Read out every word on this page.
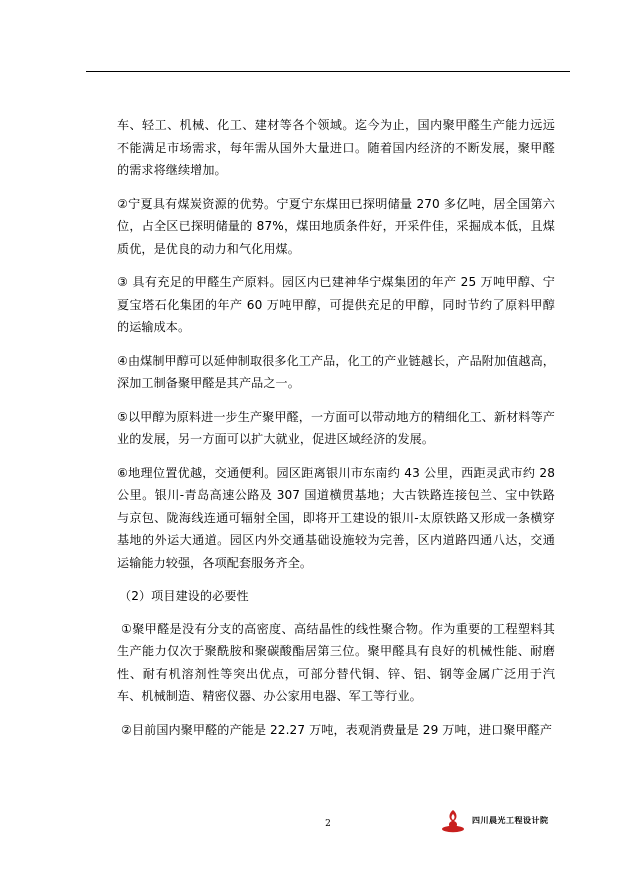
车、轻工、机械、化工、建材等各个领域。迄今为止，国内聚甲醛生产能力远远不能满足市场需求，每年需从国外大量进口。随着国内经济的不断发展，聚甲醛的需求将继续增加。

②宁夏具有煤炭资源的优势。宁夏宁东煤田已探明储量 270 多亿吨，居全国第六位，占全区已探明储量的 87%，煤田地质条件好，开采件佳，采掘成本低，且煤质优，是优良的动力和气化用煤。

③ 具有充足的甲醛生产原料。园区内已建神华宁煤集团的年产 25 万吨甲醇、宁夏宝塔石化集团的年产 60 万吨甲醇，可提供充足的甲醇，同时节约了原料甲醇的运输成本。

④由煤制甲醇可以延伸制取很多化工产品，化工的产业链越长，产品附加值越高，深加工制备聚甲醛是其产品之一。

⑤以甲醇为原料进一步生产聚甲醛，一方面可以带动地方的精细化工、新材料等产业的发展，另一方面可以扩大就业，促进区域经济的发展。

⑥地理位置优越，交通便利。园区距离银川市东南约 43 公里，西距灵武市约 28 公里。银川-青岛高速公路及 307 国道横贯基地；大古铁路连接包兰、宝中铁路与京包、陇海线连通可辐射全国，即将开工建设的银川-太原铁路又形成一条横穿基地的外运大通道。园区内外交通基础设施较为完善，区内道路四通八达，交通运输能力较强，各项配套服务齐全。

（2）项目建设的必要性

①聚甲醛是没有分支的高密度、高结晶性的线性聚合物。作为重要的工程塑料其生产能力仅次于聚酰胺和聚碳酸酯居第三位。聚甲醛具有良好的机械性能、耐磨性、耐有机溶剂性等突出优点，可部分替代铜、锌、铝、钢等金属广泛用于汽车、机械制造、精密仪器、办公家用电器、军工等行业。

②目前国内聚甲醛的产能是 22.27 万吨，表观消费量是 29 万吨，进口聚甲醛产

2	四川晨光工程设计院
